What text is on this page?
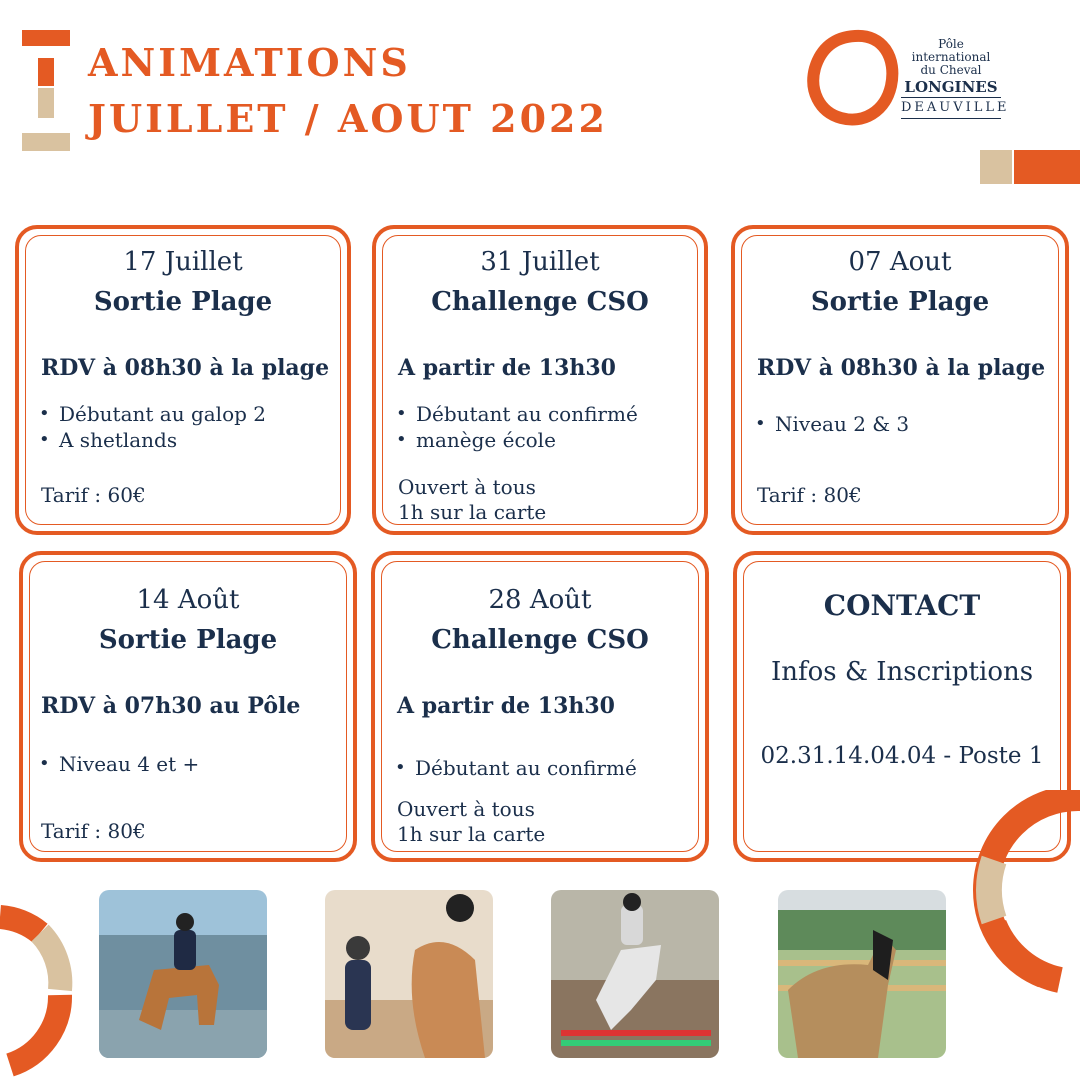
ANIMATIONS
JUILLET / AOUT 2022
Pôle international
du Cheval
LONGINES
DEAUVILLE
17 Juillet
Sortie Plage
RDV à 08h30 à la plage
• Débutant au galop 2
• A shetlands
Tarif : 60€
31 Juillet
Challenge CSO
A partir de 13h30
• Débutant au confirmé
• manège école
Ouvert à tous
1h sur la carte
07 Aout
Sortie Plage
RDV à 08h30 à la plage
• Niveau 2 & 3
Tarif : 80€
14 Août
Sortie Plage
RDV à 07h30 au Pôle
• Niveau 4 et +
Tarif : 80€
28 Août
Challenge CSO
A partir de 13h30
• Débutant au confirmé
Ouvert à tous
1h sur la carte
CONTACT
Infos & Inscriptions
02.31.14.04.04 - Poste 1
